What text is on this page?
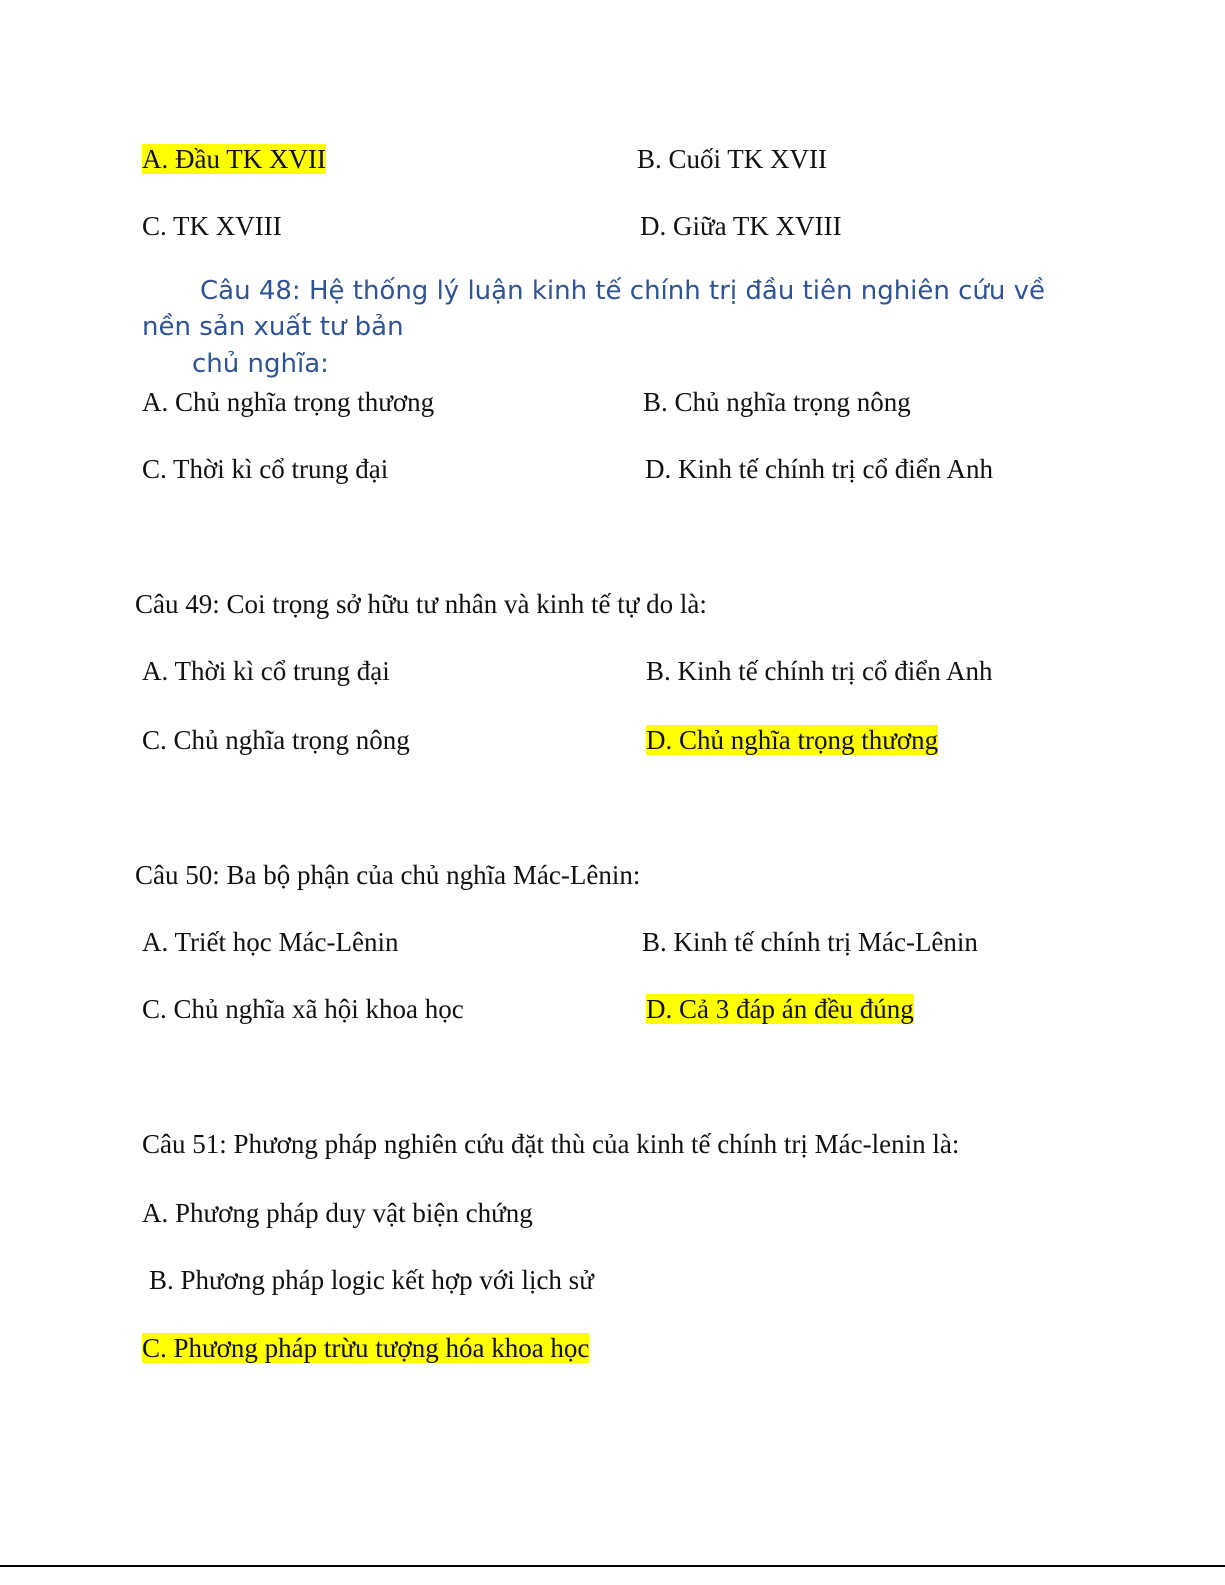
A. Đầu TK XVII	B. Cuối TK XVII
C. TK XVIII	D. Giữa TK XVIII
Câu 48: Hệ thống lý luận kinh tế chính trị đầu tiên nghiên cứu về
nền sản xuất tư bản
chủ nghĩa:
A. Chủ nghĩa trọng thương	B. Chủ nghĩa trọng nông
C. Thời kì cổ trung đại	D. Kinh tế chính trị cổ điển Anh
Câu 49: Coi trọng sở hữu tư nhân và kinh tế tự do là:
A. Thời kì cổ trung đại	B. Kinh tế chính trị cổ điển Anh
C. Chủ nghĩa trọng nông	D. Chủ nghĩa trọng thương
Câu 50: Ba bộ phận của chủ nghĩa Mác-Lênin:
A. Triết học Mác-Lênin	B. Kinh tế chính trị Mác-Lênin
C. Chủ nghĩa xã hội khoa học	D. Cả 3 đáp án đều đúng
Câu 51: Phương pháp nghiên cứu đặt thù của kinh tế chính trị Mác-lenin là:
A. Phương pháp duy vật biện chứng
B. Phương pháp logic kết hợp với lịch sử
C. Phương pháp trừu tượng hóa khoa học
